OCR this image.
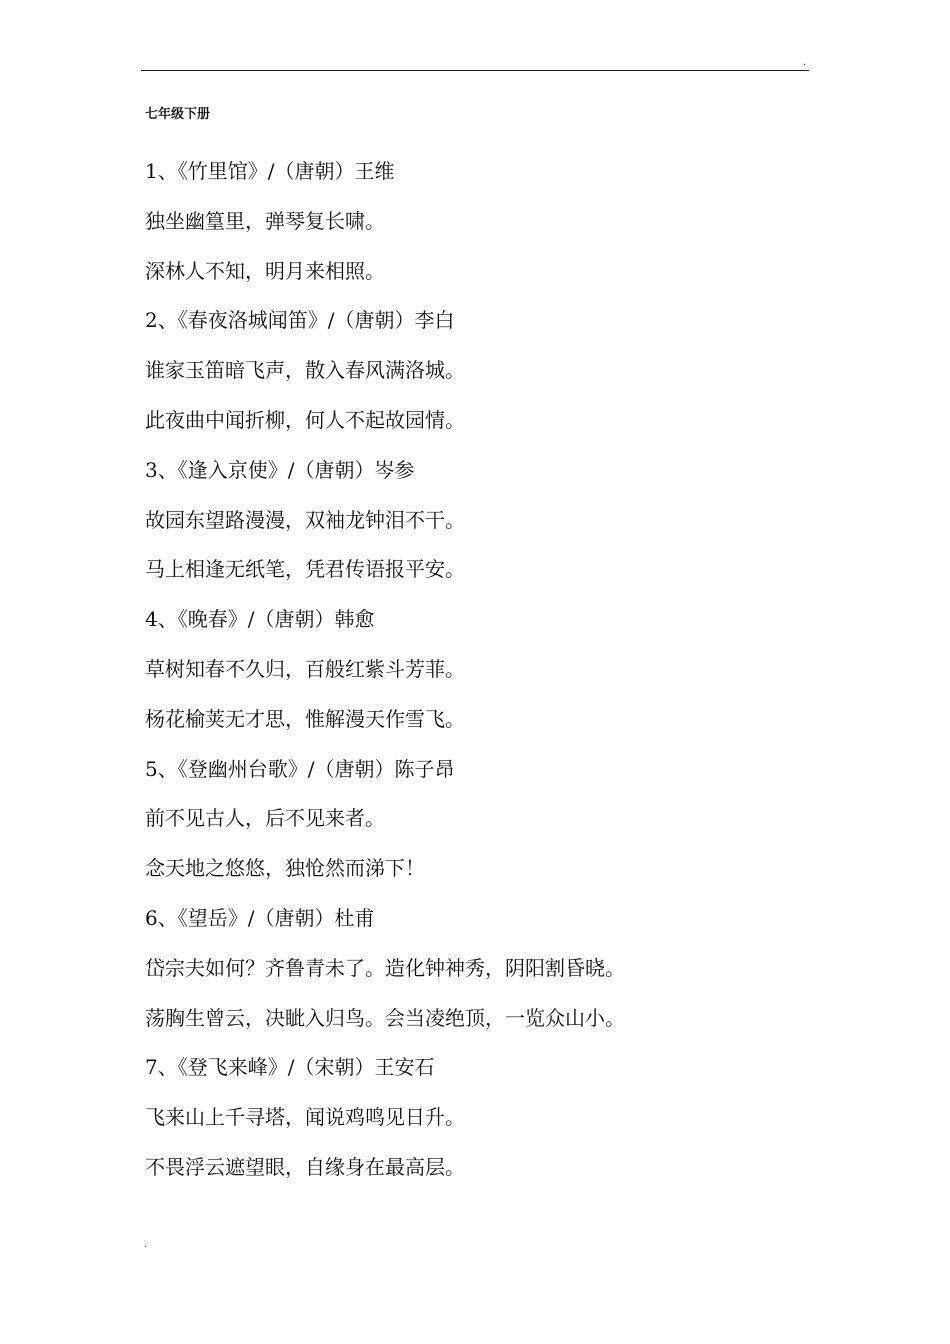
.
七年级下册
1、《竹里馆》/（唐朝）王维
独坐幽篁里，弹琴复长啸。
深林人不知，明月来相照。
2、《春夜洛城闻笛》/（唐朝）李白
谁家玉笛暗飞声，散入春风满洛城。
此夜曲中闻折柳，何人不起故园情。
3、《逢入京使》/（唐朝）岑参
故园东望路漫漫，双袖龙钟泪不干。
马上相逢无纸笔，凭君传语报平安。
4、《晚春》/（唐朝）韩愈
草树知春不久归，百般红紫斗芳菲。
杨花榆荚无才思，惟解漫天作雪飞。
5、《登幽州台歌》/（唐朝）陈子昂
前不见古人，后不见来者。
念天地之悠悠，独怆然而涕下！
6、《望岳》/（唐朝）杜甫
岱宗夫如何？齐鲁青未了。造化钟神秀，阴阳割昏晓。
荡胸生曾云，决眦入归鸟。会当凌绝顶，一览众山小。
7、《登飞来峰》/（宋朝）王安石
飞来山上千寻塔，闻说鸡鸣见日升。
不畏浮云遮望眼，自缘身在最高层。
.
